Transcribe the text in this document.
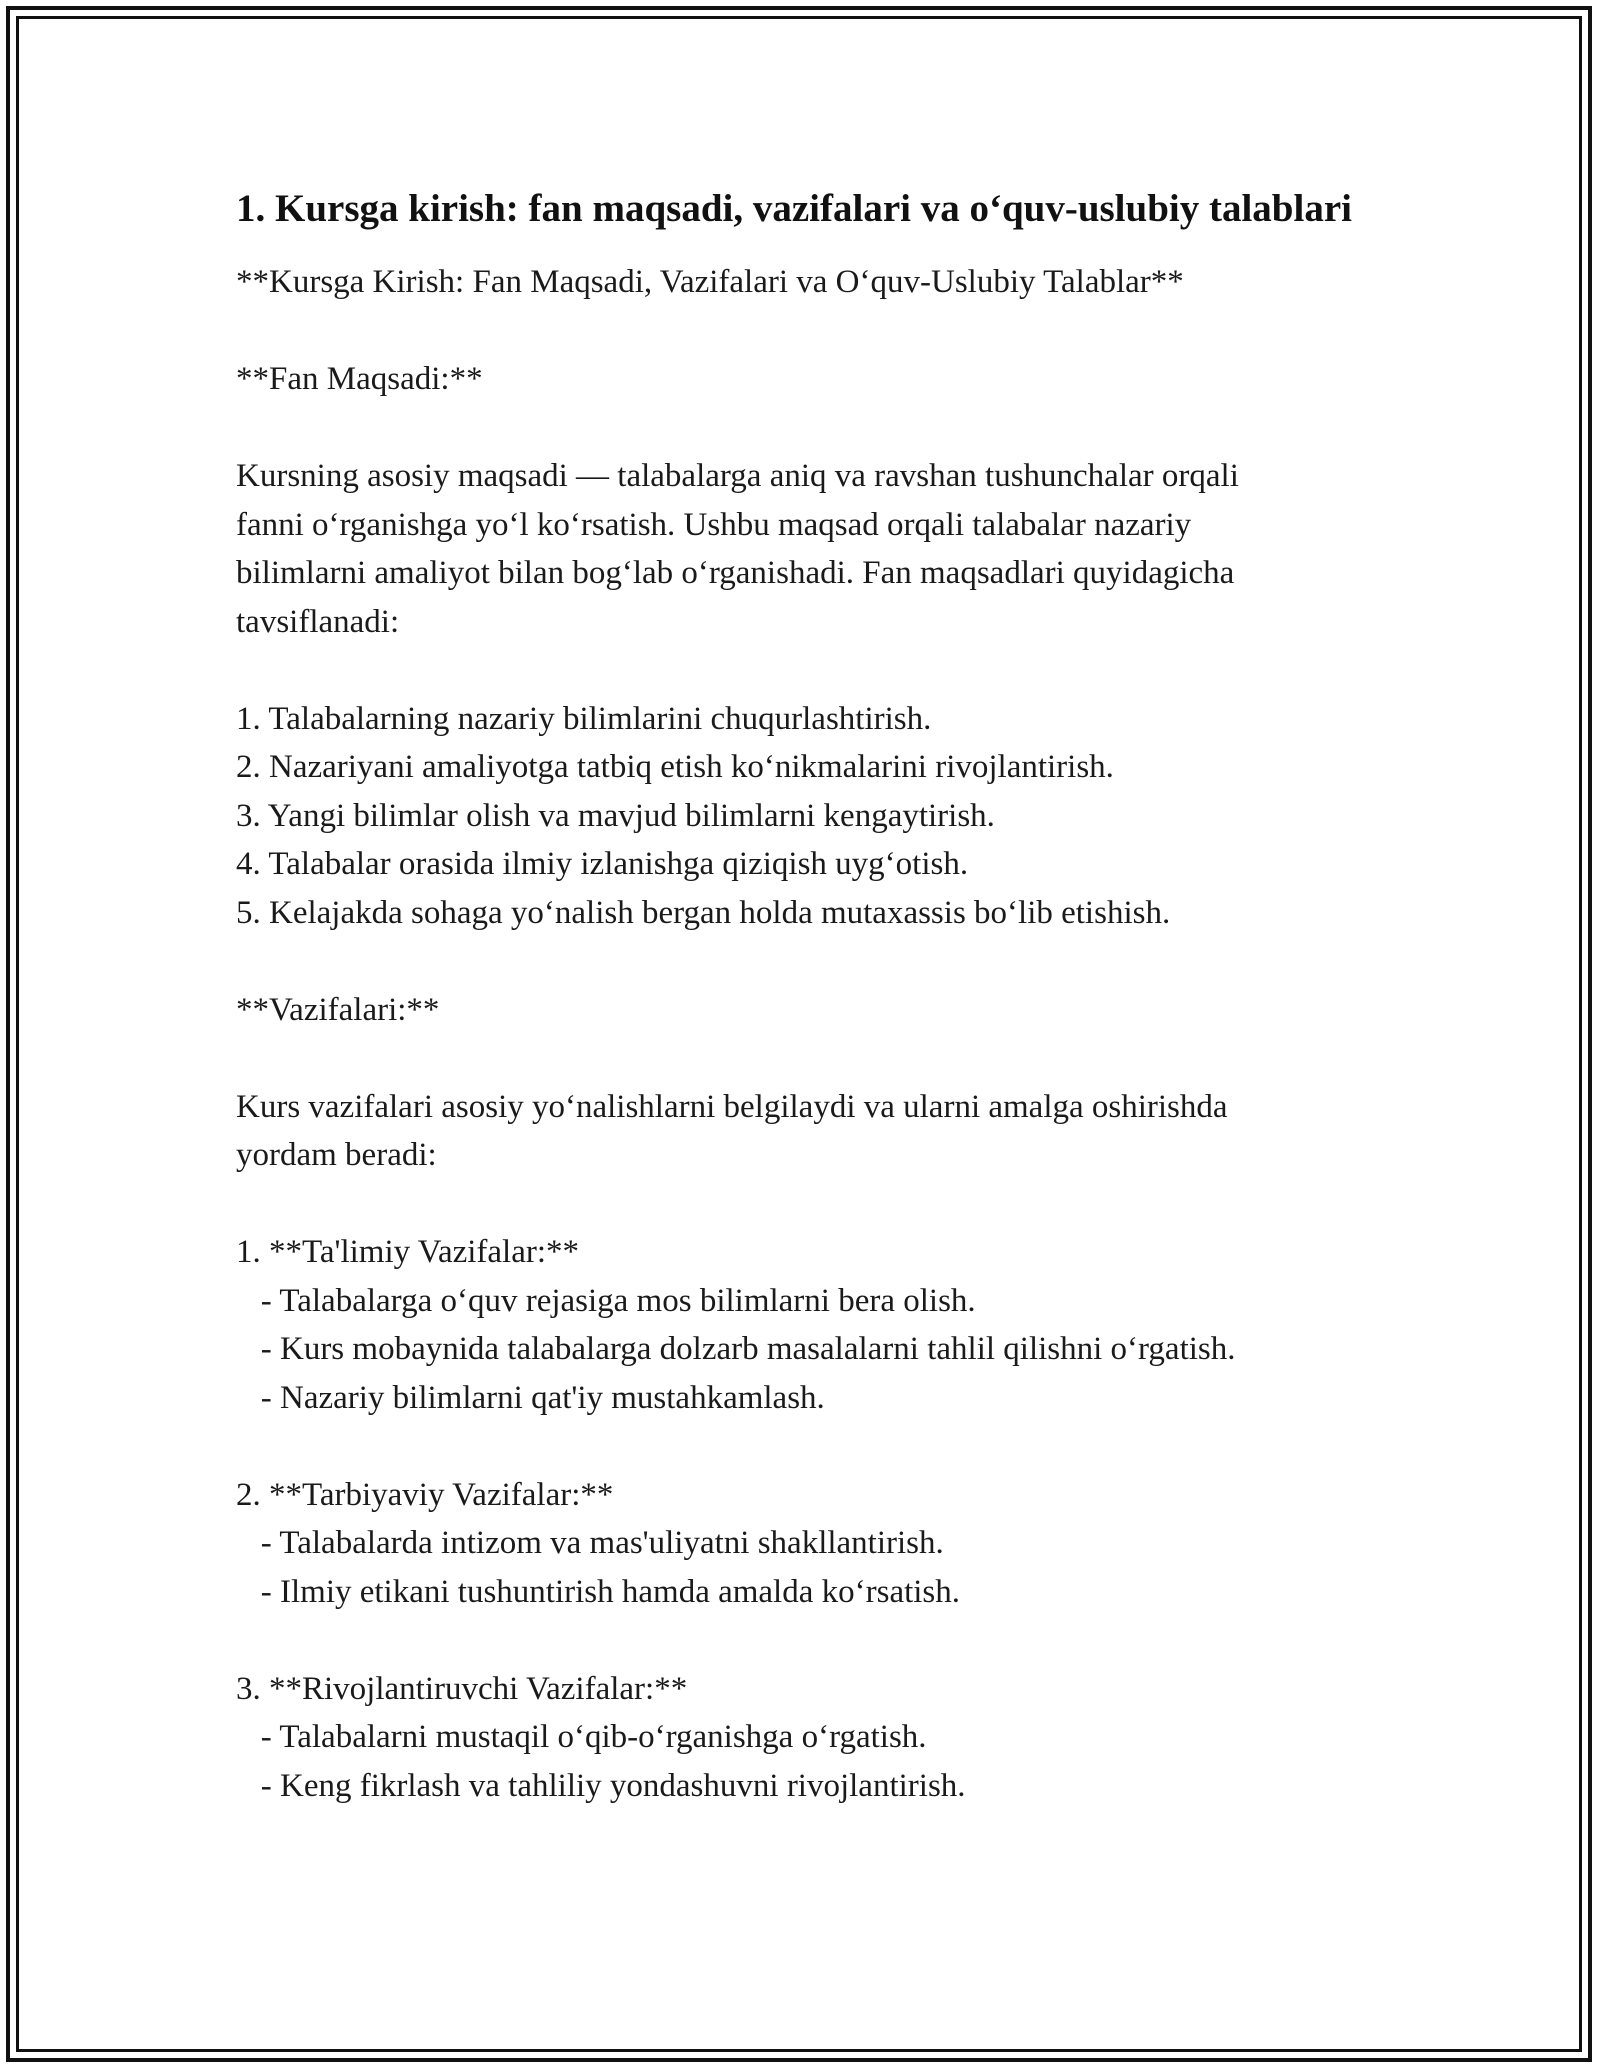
1. Kursga kirish: fan maqsadi, vazifalari va o‘quv-uslubiy talablari

**Kursga Kirish: Fan Maqsadi, Vazifalari va O‘quv-Uslubiy Talablar**

**Fan Maqsadi:**

Kursning asosiy maqsadi — talabalarga aniq va ravshan tushunchalar orqali
fanni o‘rganishga yo‘l ko‘rsatish. Ushbu maqsad orqali talabalar nazariy
bilimlarni amaliyot bilan bog‘lab o‘rganishadi. Fan maqsadlari quyidagicha
tavsiflanadi:

1. Talabalarning nazariy bilimlarini chuqurlashtirish.
2. Nazariyani amaliyotga tatbiq etish ko‘nikmalarini rivojlantirish.
3. Yangi bilimlar olish va mavjud bilimlarni kengaytirish.
4. Talabalar orasida ilmiy izlanishga qiziqish uyg‘otish.
5. Kelajakda sohaga yo‘nalish bergan holda mutaxassis bo‘lib etishish.

**Vazifalari:**

Kurs vazifalari asosiy yo‘nalishlarni belgilaydi va ularni amalga oshirishda
yordam beradi:

1. **Ta'limiy Vazifalar:**
- Talabalarga o‘quv rejasiga mos bilimlarni bera olish.
- Kurs mobaynida talabalarga dolzarb masalalarni tahlil qilishni o‘rgatish.
- Nazariy bilimlarni qat'iy mustahkamlash.

2. **Tarbiyaviy Vazifalar:**
- Talabalarda intizom va mas'uliyatni shakllantirish.
- Ilmiy etikani tushuntirish hamda amalda ko‘rsatish.

3. **Rivojlantiruvchi Vazifalar:**
- Talabalarni mustaqil o‘qib-o‘rganishga o‘rgatish.
- Keng fikrlash va tahliliy yondashuvni rivojlantirish.
